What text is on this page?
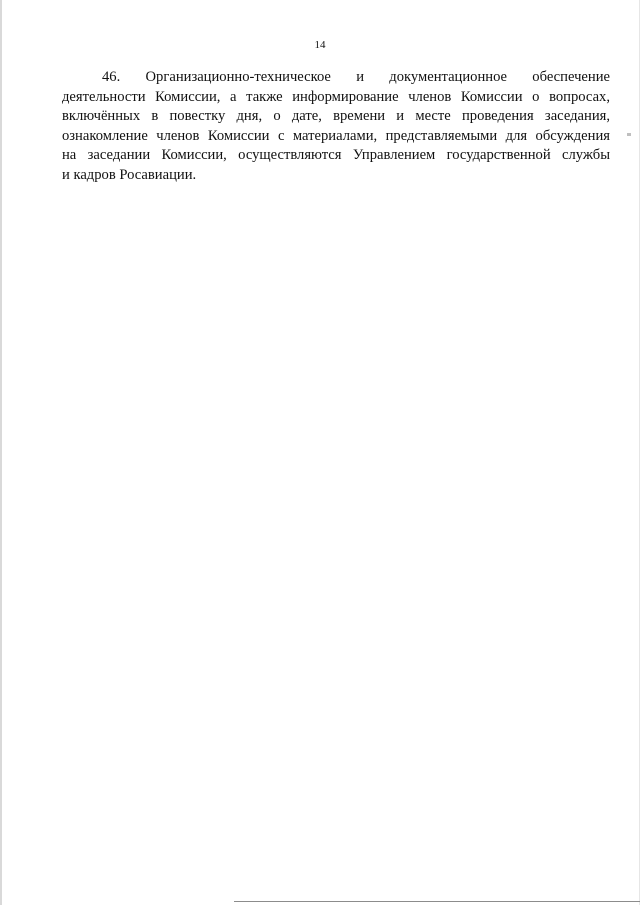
14
46. Организационно-техническое и документационное обеспечение
деятельности Комиссии, а также информирование членов Комиссии о вопросах,
включённых в повестку дня, о дате, времени и месте проведения заседания,
ознакомление членов Комиссии с материалами, представляемыми для обсуждения
на заседании Комиссии, осуществляются Управлением государственной службы
и кадров Росавиации.
